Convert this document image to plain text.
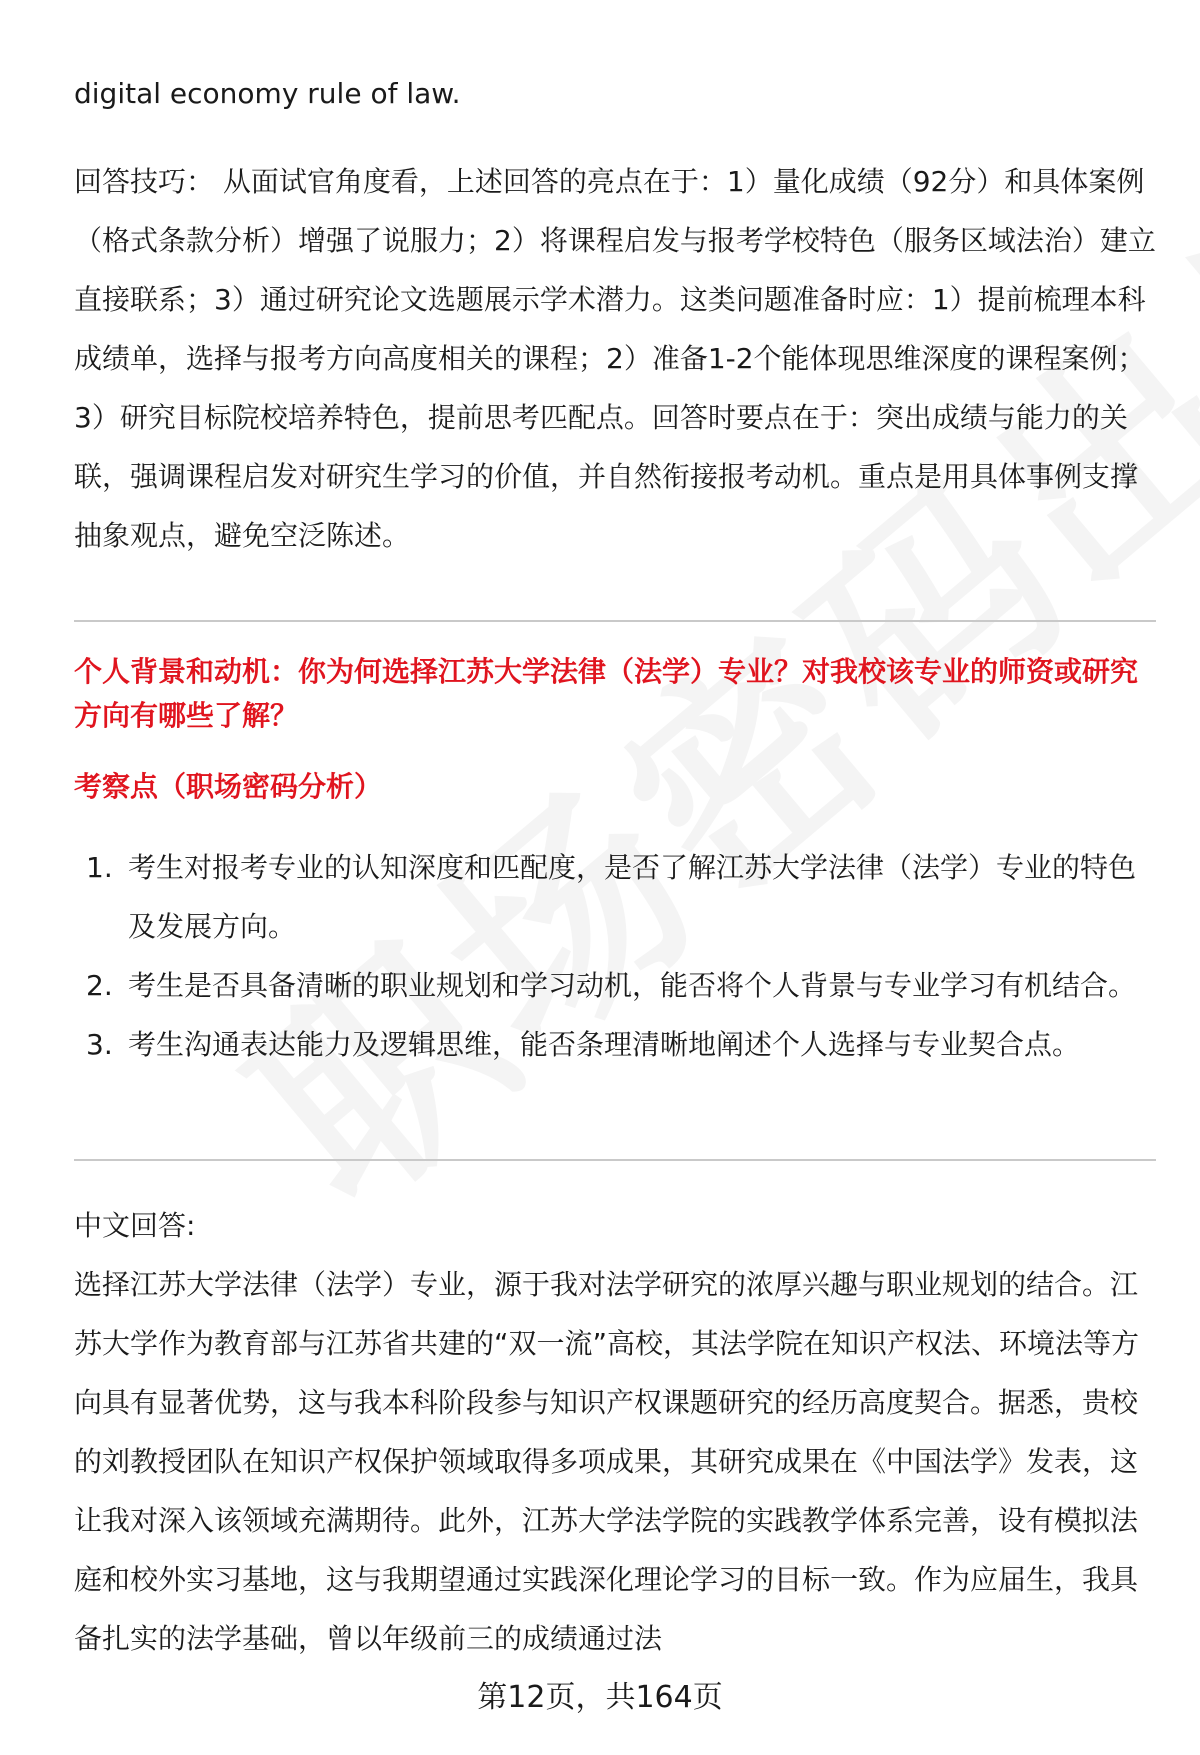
digital economy rule of law.

回答技巧： 从面试官角度看，上述回答的亮点在于：1）量化成绩（92分）和具体案例（格式条款分析）增强了说服力；2）将课程启发与报考学校特色（服务区域法治）建立直接联系；3）通过研究论文选题展示学术潜力。这类问题准备时应：1）提前梳理本科成绩单，选择与报考方向高度相关的课程；2）准备1-2个能体现思维深度的课程案例；3）研究目标院校培养特色，提前思考匹配点。回答时要点在于：突出成绩与能力的关联，强调课程启发对研究生学习的价值，并自然衔接报考动机。重点是用具体事例支撑抽象观点，避免空泛陈述。

个人背景和动机：你为何选择江苏大学法律（法学）专业？对我校该专业的师资或研究方向有哪些了解？

考察点（职场密码分析）

1. 考生对报考专业的认知深度和匹配度，是否了解江苏大学法律（法学）专业的特色及发展方向。
2. 考生是否具备清晰的职业规划和学习动机，能否将个人背景与专业学习有机结合。
3. 考生沟通表达能力及逻辑思维，能否条理清晰地阐述个人选择与专业契合点。

中文回答:

选择江苏大学法律（法学）专业，源于我对法学研究的浓厚兴趣与职业规划的结合。江苏大学作为教育部与江苏省共建的“双一流”高校，其法学院在知识产权法、环境法等方向具有显著优势，这与我本科阶段参与知识产权课题研究的经历高度契合。据悉，贵校的刘教授团队在知识产权保护领域取得多项成果，其研究成果在《中国法学》发表，这让我对深入该领域充满期待。此外，江苏大学法学院的实践教学体系完善，设有模拟法庭和校外实习基地，这与我期望通过实践深化理论学习的目标一致。作为应届生，我具备扎实的法学基础，曾以年级前三的成绩通过法

第12页，共164页
